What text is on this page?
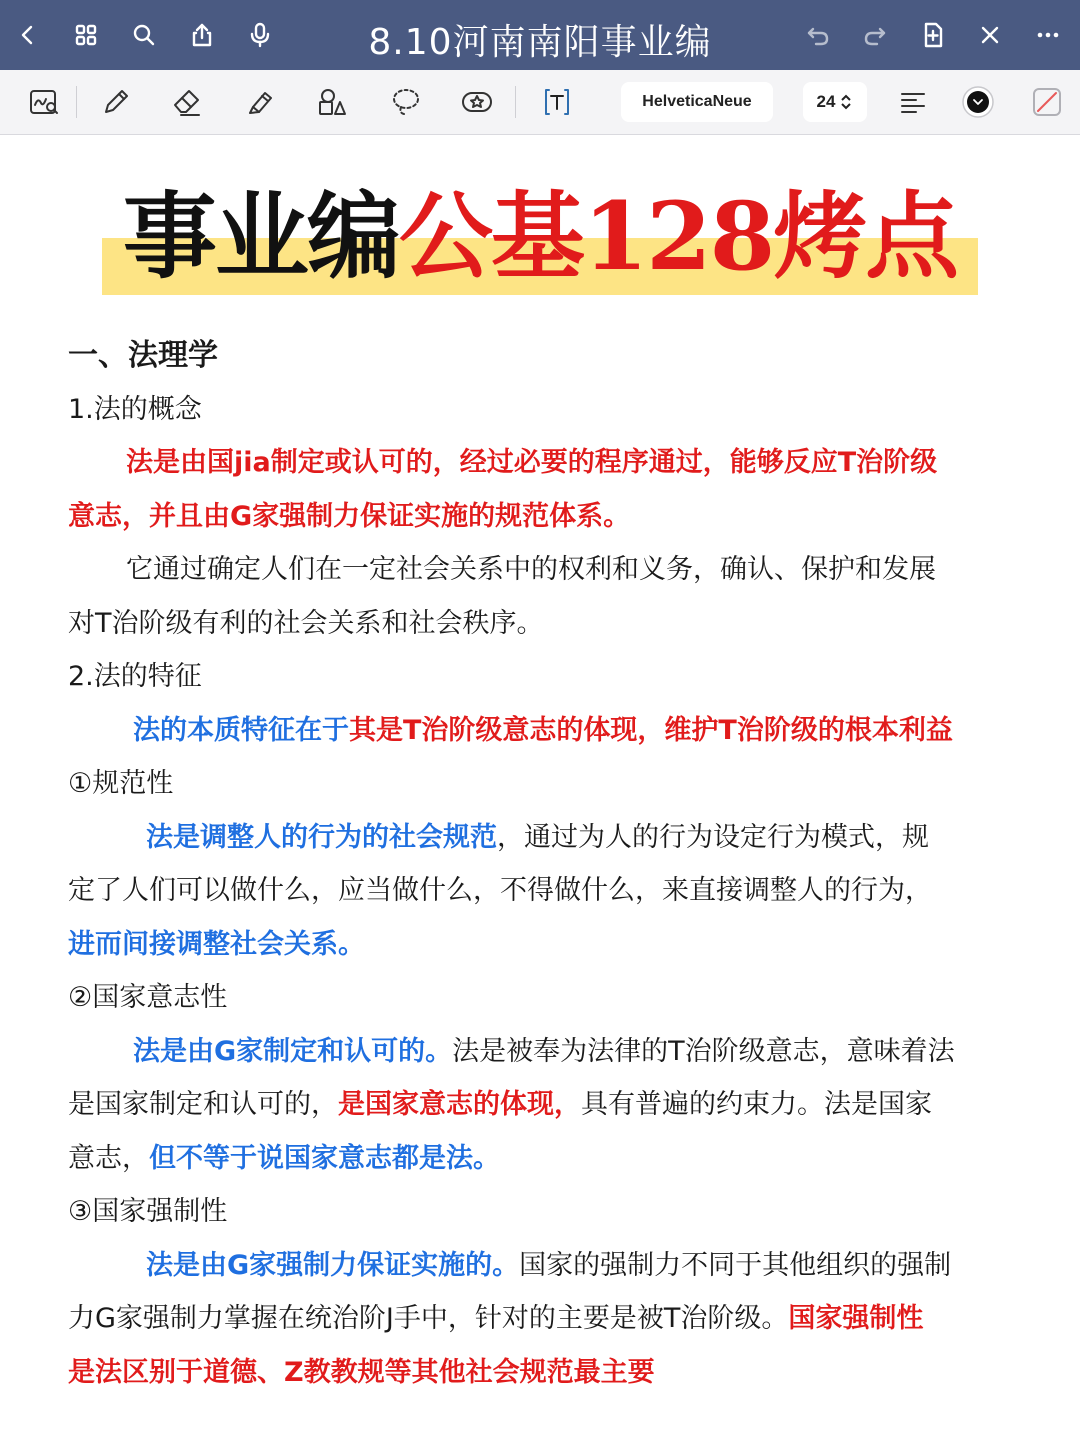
8.10河南南阳事业编
HelveticaNeue	24
事业编公基128烤点

一、法理学

1.法的概念

法是由国jia制定或认可的，经过必要的程序通过，能够反应T治阶级

意志，并且由G家强制力保证实施的规范体系。

它通过确定人们在一定社会关系中的权利和义务，确认、保护和发展

对T治阶级有利的社会关系和社会秩序。

2.法的特征

法的本质特征在于其是T治阶级意志的体现，维护T治阶级的根本利益

①规范性

法是调整人的行为的社会规范，通过为人的行为设定行为模式，规

定了人们可以做什么，应当做什么，不得做什么，来直接调整人的行为，

进而间接调整社会关系。

②国家意志性

法是由G家制定和认可的。法是被奉为法律的T治阶级意志，意味着法

是国家制定和认可的，是国家意志的体现，具有普遍的约束力。法是国家

意志，但不等于说国家意志都是法。

③国家强制性

法是由G家强制力保证实施的。国家的强制力不同于其他组织的强制

力G家强制力掌握在统治阶J手中，针对的主要是被T治阶级。国家强制性

是法区别于道德、Z教教规等其他社会规范最主要
